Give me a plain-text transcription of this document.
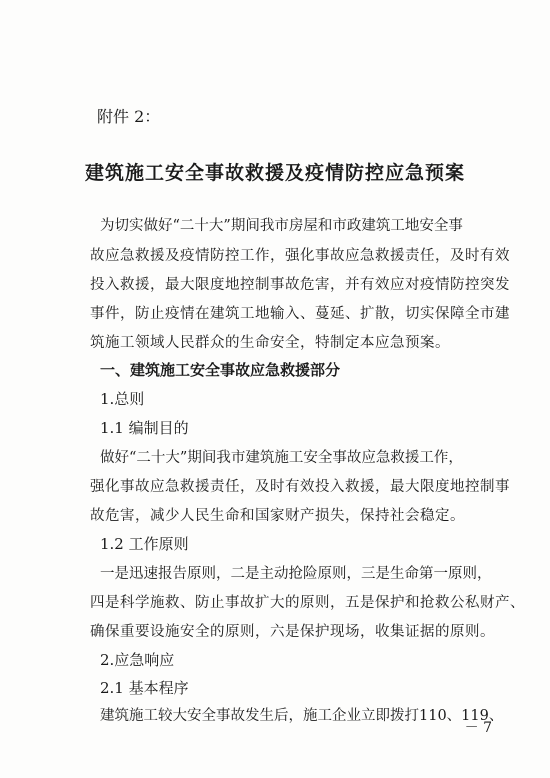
附件 2：
建筑施工安全事故救援及疫情防控应急预案
为切实做好“二十大”期间我市房屋和市政建筑工地安全事
故应急救援及疫情防控工作，强化事故应急救援责任，及时有效
投入救援，最大限度地控制事故危害，并有效应对疫情防控突发
事件，防止疫情在建筑工地输入、蔓延、扩散，切实保障全市建
筑施工领域人民群众的生命安全，特制定本应急预案。
一、建筑施工安全事故应急救援部分
1.总则
1.1 编制目的
做好“二十大”期间我市建筑施工安全事故应急救援工作，
强化事故应急救援责任，及时有效投入救援，最大限度地控制事
故危害，减少人民生命和国家财产损失，保持社会稳定。
1.2 工作原则
一是迅速报告原则，二是主动抢险原则，三是生命第一原则，
四是科学施救、防止事故扩大的原则，五是保护和抢救公私财产、
确保重要设施安全的原则，六是保护现场，收集证据的原则。
2.应急响应
2.1 基本程序
建筑施工较大安全事故发生后，施工企业立即拨打110、119、
－ 7
